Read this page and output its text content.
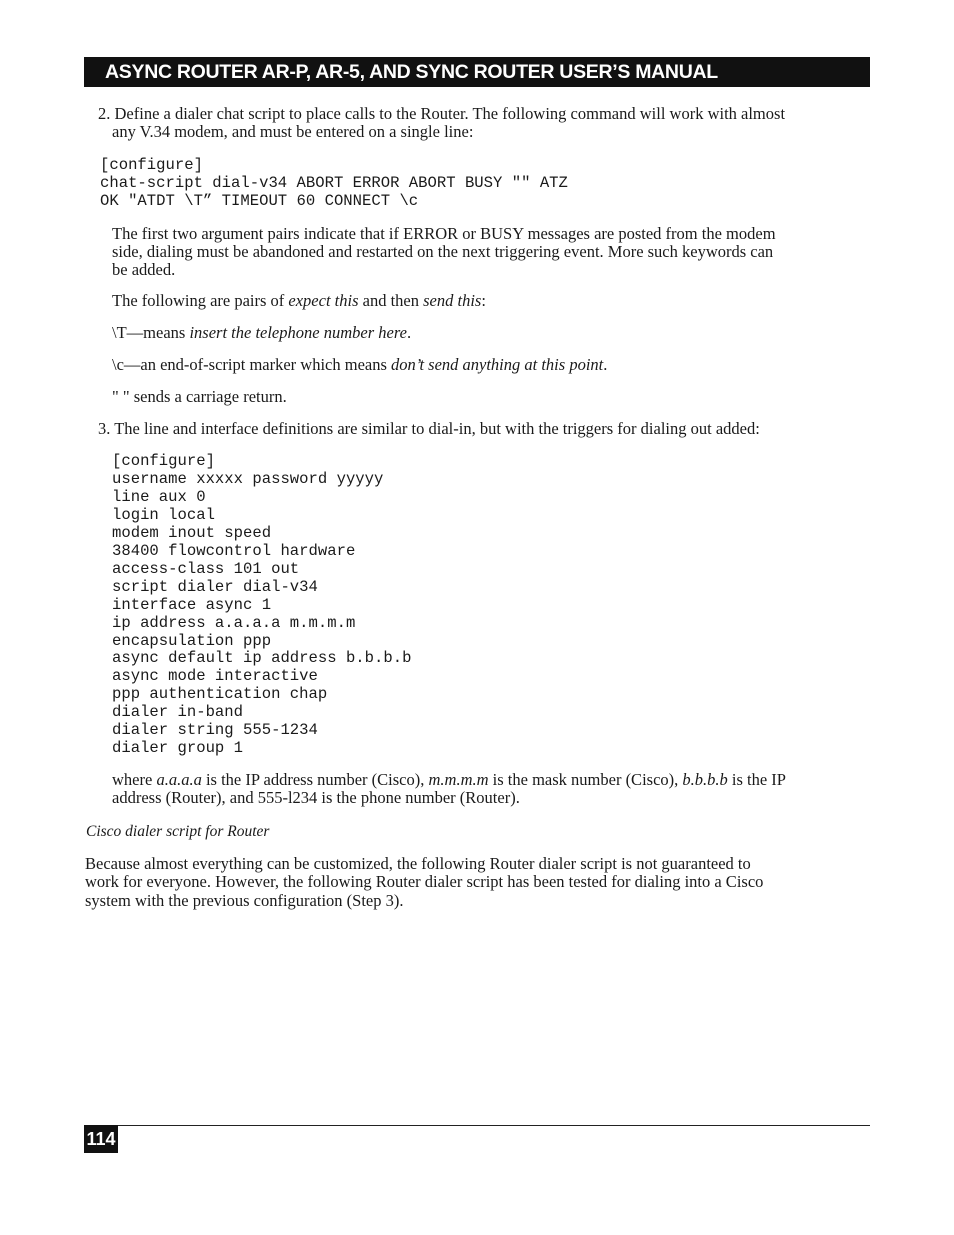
ASYNC ROUTER AR-P, AR-5, AND SYNC ROUTER USER’S MANUAL
2. Define a dialer chat script to place calls to the Router. The following command will work with almost
any V.34 modem, and must be entered on a single line:
[configure]
chat-script dial-v34 ABORT ERROR ABORT BUSY "" ATZ
OK "ATDT \T” TIMEOUT 60 CONNECT \c
The first two argument pairs indicate that if ERROR or BUSY messages are posted from the modem
side, dialing must be abandoned and restarted on the next triggering event. More such keywords can
be added.
The following are pairs of expect this and then send this:
\T—means insert the telephone number here.
\c—an end-of-script marker which means don’t send anything at this point.
" " sends a carriage return.
3. The line and interface definitions are similar to dial-in, but with the triggers for dialing out added:
[configure]
username xxxxx password yyyyy
line aux 0
login local
modem inout speed
38400 flowcontrol hardware
access-class 101 out
script dialer dial-v34
interface async 1
ip address a.a.a.a m.m.m.m
encapsulation ppp
async default ip address b.b.b.b
async mode interactive
ppp authentication chap
dialer in-band
dialer string 555-1234
dialer group 1
where a.a.a.a is the IP address number (Cisco), m.m.m.m is the mask number (Cisco), b.b.b.b is the IP
address (Router), and 555-l234 is the phone number (Router).
Cisco dialer script for Router
Because almost everything can be customized, the following Router dialer script is not guaranteed to
work for everyone. However, the following Router dialer script has been tested for dialing into a Cisco
system with the previous configuration (Step 3).
114
